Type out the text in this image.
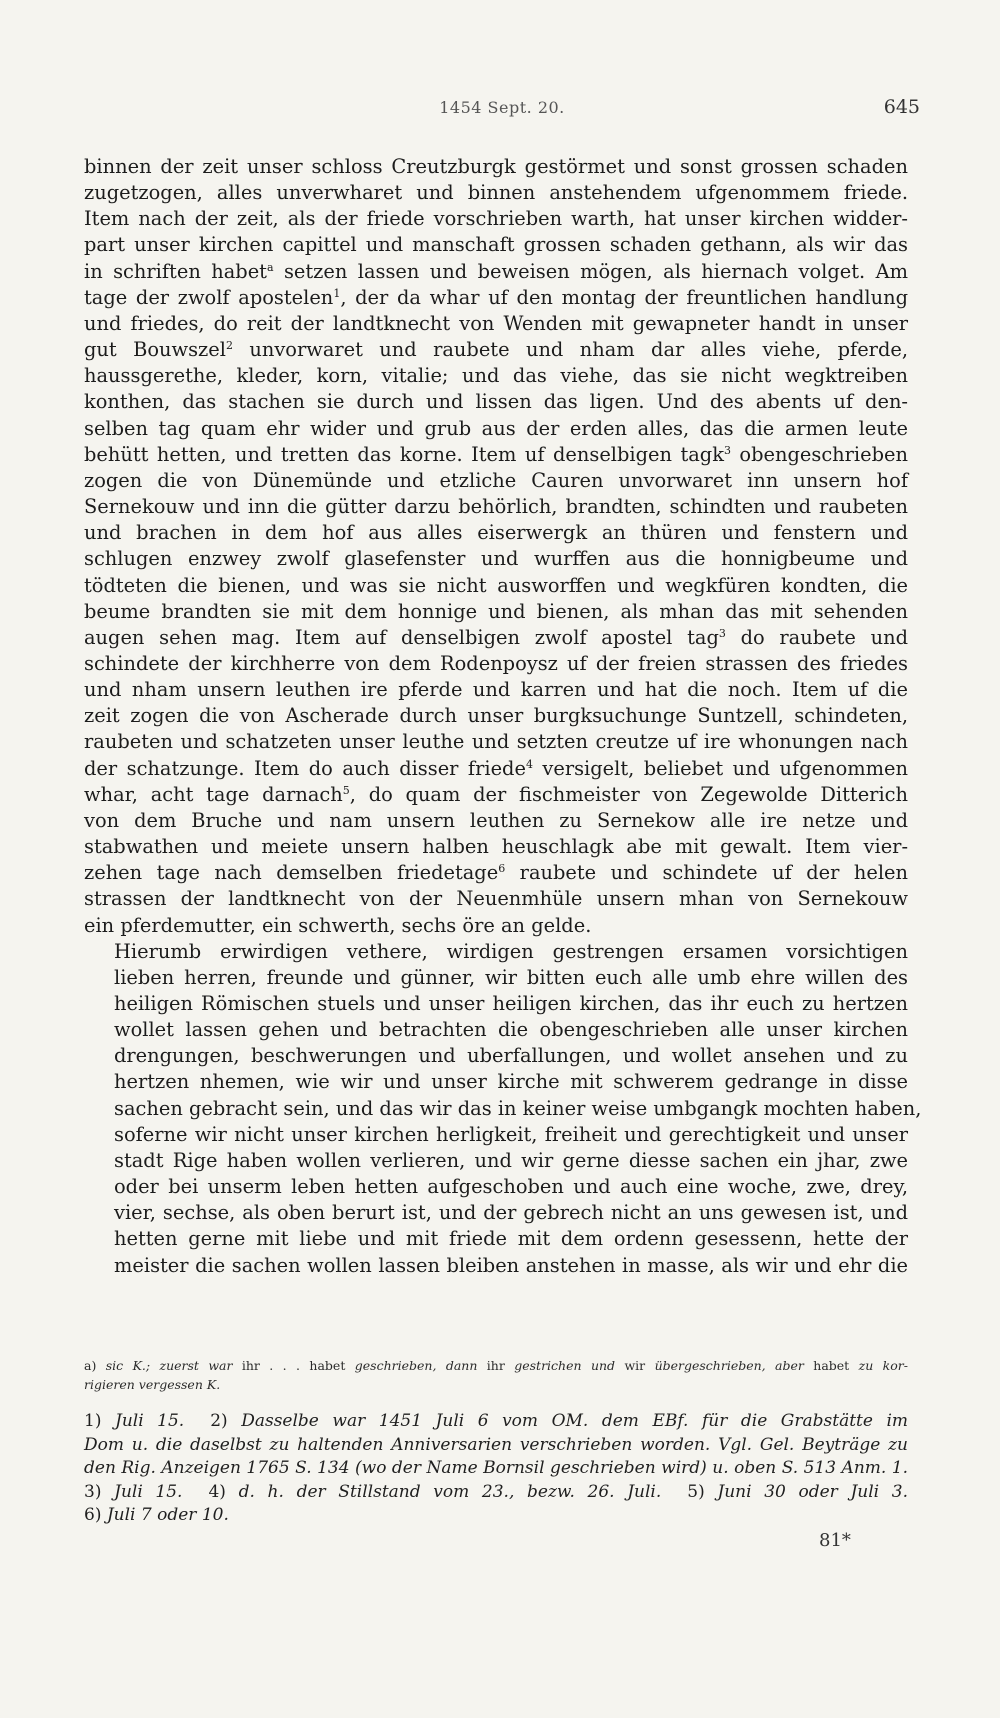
1454 Sept. 20.	645

binnen der zeit unser schloss Creutzburgk gestörmet und sonst grossen schaden
zugetzogen, alles unverwharet und binnen anstehendem ufgenommem friede.
Item nach der zeit, als der friede vorschrieben warth, hat unser kirchen widder-
part unser kirchen capittel und manschaft grossen schaden gethann, als wir das
in schriften habet$^a$ setzen lassen und beweisen mögen, als hiernach volget. Am
tage der zwolf apostelen$^1$, der da whar uf den montag der freuntlichen handlung
und friedes, do reit der landtknecht von Wenden mit gewapneter handt in unser
gut Bouwszel$^2$ unvorwaret und raubete und nham dar alles viehe, pferde,
haussgerethe, kleder, korn, vitalie; und das viehe, das sie nicht wegktreiben
konthen, das stachen sie durch und lissen das ligen. Und des abents uf den-
selben tag quam ehr wider und grub aus der erden alles, das die armen leute
behütt hetten, und tretten das korne. Item uf denselbigen tagk$^3$ obengeschrieben
zogen die von Dünemünde und etzliche Cauren unvorwaret inn unsern hof
Sernekouw und inn die gütter darzu behörlich, brandten, schindten und raubeten
und brachen in dem hof aus alles eiserwergk an thüren und fenstern und
schlugen enzwey zwolf glasefenster und wurffen aus die honnigbeume und
tödteten die bienen, und was sie nicht ausworffen und wegkfüren kondten, die
beume brandten sie mit dem honnige und bienen, als mhan das mit sehenden
augen sehen mag. Item auf denselbigen zwolf apostel tag$^3$ do raubete und
schindete der kirchherre von dem Rodenpoysz uf der freien strassen des friedes
und nham unsern leuthen ire pferde und karren und hat die noch. Item uf die
zeit zogen die von Ascherade durch unser burgksuchunge Suntzell, schindeten,
raubeten und schatzeten unser leuthe und setzten creutze uf ire whonungen nach
der schatzunge. Item do auch disser friede$^4$ versigelt, beliebet und ufgenommen
whar, acht tage darnach$^5$, do quam der fischmeister von Zegewolde Ditterich
von dem Bruche und nam unsern leuthen zu Sernekow alle ire netze und
stabwathen und meiete unsern halben heuschlagk abe mit gewalt. Item vier-
zehen tage nach demselben friedetage$^6$ raubete und schindete uf der helen
strassen der landtknecht von der Neuenmhüle unsern mhan von Sernekouw
ein pferdemutter, ein schwerth, sechs öre an gelde.

Hierumb erwirdigen vethere, wirdigen gestrengen ersamen vorsichtigen
lieben herren, freunde und günner, wir bitten euch alle umb ehre willen des
heiligen Römischen stuels und unser heiligen kirchen, das ihr euch zu hertzen
wollet lassen gehen und betrachten die obengeschrieben alle unser kirchen
drengungen, beschwerungen und uberfallungen, und wollet ansehen und zu
hertzen nhemen, wie wir und unser kirche mit schwerem gedrange in disse
sachen gebracht sein, und das wir das in keiner weise umbgangk mochten haben,
soferne wir nicht unser kirchen herligkeit, freiheit und gerechtigkeit und unser
stadt Rige haben wollen verlieren, und wir gerne diesse sachen ein jhar, zwe
oder bei unserm leben hetten aufgeschoben und auch eine woche, zwe, drey,
vier, sechse, als oben berurt ist, und der gebrech nicht an uns gewesen ist, und
hetten gerne mit liebe und mit friede mit dem ordenn gesessenn, hette der
meister die sachen wollen lassen bleiben anstehen in masse, als wir und ehr die

a) sic K.; zuerst war ihr . . . habet geschrieben, dann ihr gestrichen und wir übergeschrieben, aber habet zu kor-
rigieren vergessen K.
1) Juli 15. 2) Dasselbe war 1451 Juli 6 vom OM. dem EBf. für die Grabstätte im
Dom u. die daselbst zu haltenden Anniversarien verschrieben worden. Vgl. Gel. Beyträge zu
den Rig. Anzeigen 1765 S. 134 (wo der Name Bornsil geschrieben wird) u. oben S. 513 Anm. 1.
3) Juli 15. 4) d. h. der Stillstand vom 23., bezw. 26. Juli. 5) Juni 30 oder Juli 3.
6) Juli 7 oder 10.
81*
